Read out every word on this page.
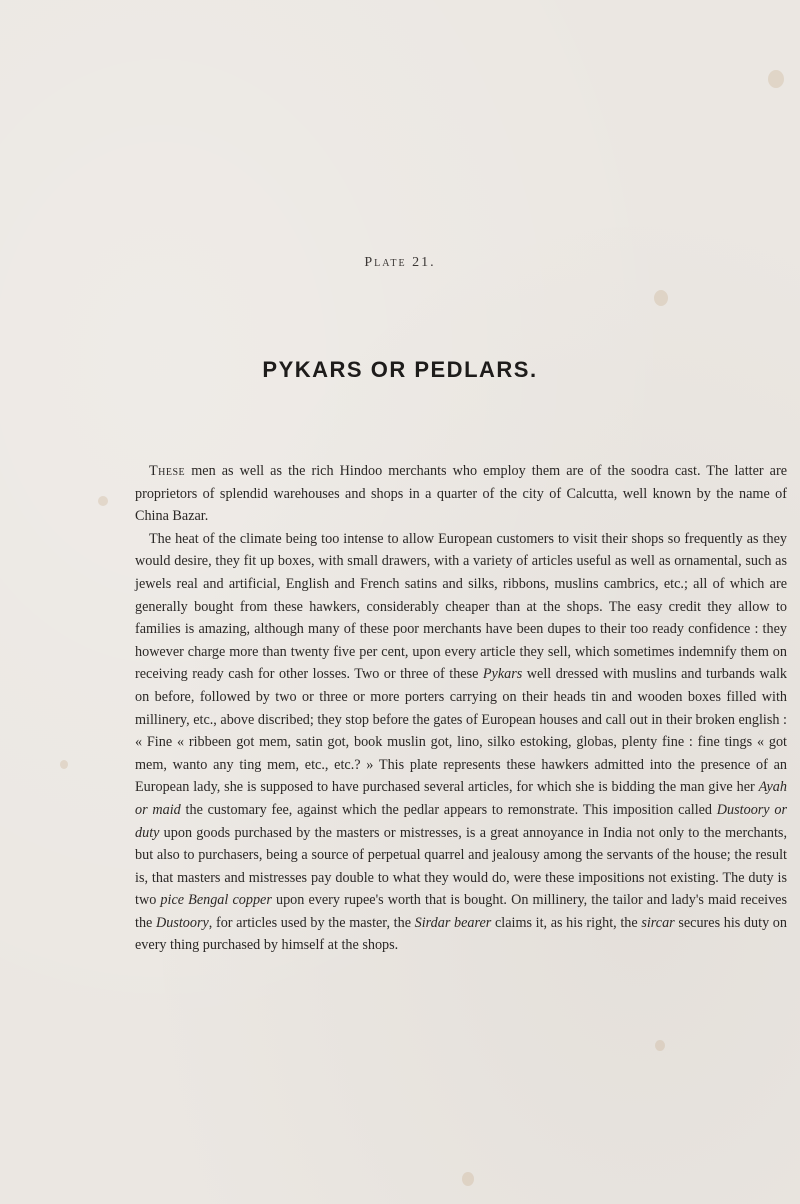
Plate 21.
PYKARS OR PEDLARS.

These men as well as the rich Hindoo merchants who employ them are of the soodra cast. The latter are proprietors of splendid warehouses and shops in a quarter of the city of Calcutta, well known by the name of China Bazar.

The heat of the climate being too intense to allow European customers to visit their shops so frequently as they would desire, they fit up boxes, with small drawers, with a variety of articles useful as well as ornamental, such as jewels real and artificial, English and French satins and silks, ribbons, muslins cambrics, etc.; all of which are generally bought from these hawkers, considerably cheaper than at the shops. The easy credit they allow to families is amazing, although many of these poor merchants have been dupes to their too ready confidence : they however charge more than twenty five per cent, upon every article they sell, which sometimes indemnify them on receiving ready cash for other losses. Two or three of these Pykars well dressed with muslins and turbands walk on before, followed by two or three or more porters carrying on their heads tin and wooden boxes filled with millinery, etc., above discribed; they stop before the gates of European houses and call out in their broken english : « Fine « ribbeen got mem, satin got, book muslin got, lino, silko estoking, globas, plenty fine : fine tings « got mem, wanto any ting mem, etc., etc.? » This plate represents these hawkers admitted into the presence of an European lady, she is supposed to have purchased several articles, for which she is bidding the man give her Ayah or maid the customary fee, against which the pedlar appears to remonstrate. This imposition called Dustoory or duty upon goods purchased by the masters or mistresses, is a great annoyance in India not only to the merchants, but also to purchasers, being a source of perpetual quarrel and jealousy among the servants of the house; the result is, that masters and mistresses pay double to what they would do, were these impositions not existing. The duty is two pice Bengal copper upon every rupee's worth that is bought. On millinery, the tailor and lady's maid receives the Dustoory, for articles used by the master, the Sirdar bearer claims it, as his right, the sircar secures his duty on every thing purchased by himself at the shops.
